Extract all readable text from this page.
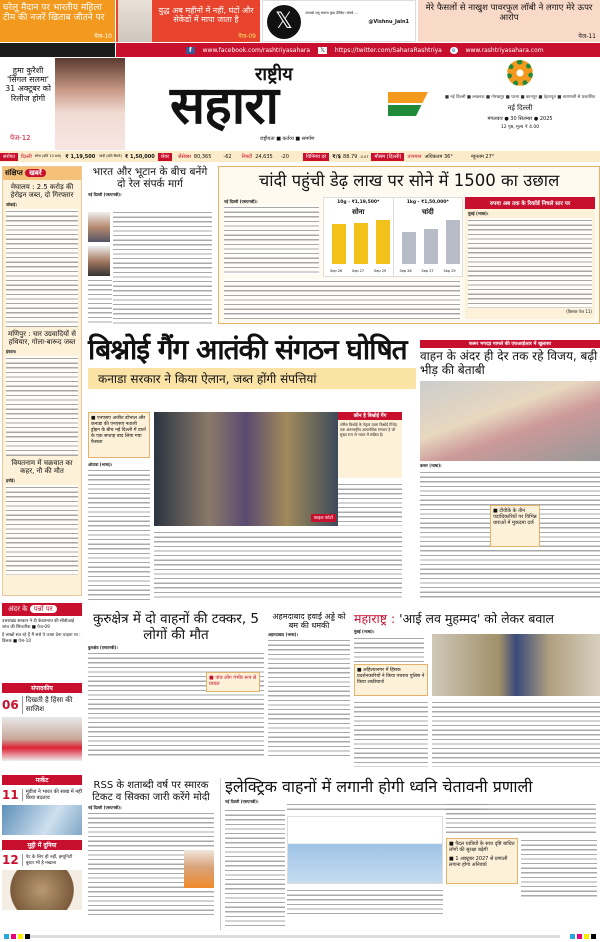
घरेलू मैदान पर भारतीय महिला टीम की नजरें खिताब जीतने पर
पेज-10
युद्ध अब महीनों में नहीं, घंटों और सेकेंडों में मापा जाता है
पेज-09
𝕏	आपको शत्रु समाज कुछ दीजिए। संघर्ष ...
@Vishnu_Jain1
मेरे फैसलों से नाखुश पावरफुल लॉबी ने लगाए मेरे ऊपर आरोप
पेज-11
f	www.facebook.com/rashtriyasahara	𝕏	https://twitter.com/SaharaRashtriya	e	www.rashtriyasahara.com
हुमा कुरैशी 'सिंगल सलमा' 31 अक्टूबर को रिलीज होगी
पेज-12
राष्ट्रीय
सहारा
राष्ट्रीयता ■ कर्तव्य ■ समर्पण
■ नई दिल्ली ■ लखनऊ ■ गोरखपुर ■ पटना ■ कानपुर ■ देहरादून ■ वाराणसी से प्रकाशित
नई दिल्ली
मंगलवार ● 30 सितम्बर ● 2025
12 पृष्ठ, मूल्य ₹ 4.00
सर्राफा	दिल्ली सोना (प्रति 10 ग्राम) ₹ 1,19,500 चांदी (प्रति किलो) ₹ 1,50,000	शेयर	सेंसेक्स 80,365 -62 निफ्टी 24,635 -20	विनिमय दर	₹/$ 88.79 -0.07	मौसम (दिल्ली)	तापमान अधिकतम 36°	न्यूनतम 27°
संक्षिप्त खबरें
मेघालय : 2.5 करोड़ की हेरोइन जब्त, दो गिरफ्तार
जोवाई।
मणिपुर : चार उग्रवादियों से हथियार, गोला-बारूद जब्त
इंफाल।
वियतनाम में चक्रवात का कहर, नौ की मौत
हनोई।
अंदर के पन्नों पर
उत्तराखंड सरकार ने दी केदारनाथ की सीबीआई जांच की सिफारिश ■ पेज-09
है लाखों संत रहे हैं मैं सत्ते पे जाता देना चाहता था : डिलक ■ पेज-10
संपादकीय
06	दिखती है हिंसा की साजिश
मार्केट
11	मूडीज ने भारत की साख में नहीं किया बदलाव
मुट्ठी में दुनिया
12	पेट के लिए ही नहीं, इम्यूनिटी बूस्टर भी है मखाना
भारत और भूटान के बीच बनेंगे दो रेल संपर्क मार्ग
नई दिल्ली (एसएनबी)।
चांदी पहुंची डेढ़ लाख पर सोने में 1500 का उछाल
नई दिल्ली (एसएनबी)।	10g - ₹1,19,500*
सोना
Sep 26	Sep 27	Sep 29
1kg - ₹1,50,000*
चांदी
Sep 26	Sep 27	Sep 29
रुपया अब तक के रिकॉर्ड निचले स्तर पर
मुंबई (भाषा)।
(विस्तार पेज 11)
बिश्नोई गैंग आतंकी संगठन घोषित
कनाडा सरकार ने किया ऐलान, जब्त होंगी संपत्तियां
■ एनएसए अजीत डोभाल और कनाडा की एनएसए नताली ड्रोइन के बीच नई दिल्ली में वार्ता के एक सप्ताह बाद लिया गया फैसला
ओटावा (भाषा)।
फाइल फोटो
कौन है बिश्नोई गैंग
लॉरेंस बिश्नोई के नेतृत्व वाला बिश्नोई गिरोह एक अंतरराष्ट्रीय आपराधिक संगठन है जो मुख्य रूप से भारत में सक्रिय है।
करूर भगदड़ मामले की एफआईआर में खुलासा
वाहन के अंदर ही देर तक रहे विजय, बढ़ी भीड़ की बेताबी
करूर (भाषा)।
■ टीवीके के तीन पदाधिकारियों पर विभिन्न धाराओं में मुकदमा दर्ज
कुरुक्षेत्र में दो वाहनों की टक्कर, 5 लोगों की मौत
कुरुक्षेत्र (एसएनबी)।
■ पांच लोग गंभीर रूप से घायल
अहमदाबाद हवाई अड्डे को बम की धमकी
अहमदाबाद (भाषा)।
महाराष्ट्र : 'आई लव मुहम्मद' को लेकर बवाल
मुंबई (भाषा)।
■ अहिल्यानगर में हिंसक प्रदर्शनकारियों ने किया पथराव पुलिस ने किया लाठीचार्ज
RSS के शताब्दी वर्ष पर स्मारक टिकट व सिक्का जारी करेंगे मोदी
नई दिल्ली (एसएनबी)।
इलेक्ट्रिक वाहनों में लगानी होगी ध्वनि चेतावनी प्रणाली
नई दिल्ली (एसएनबी)।
■ पैदल यात्रियों के साथ दृष्टि बाधित लोगों की सुरक्षा बढ़ेगी
■ 1 अक्टूबर 2027 से प्रणाली लगाना होगा अनिवार्य
